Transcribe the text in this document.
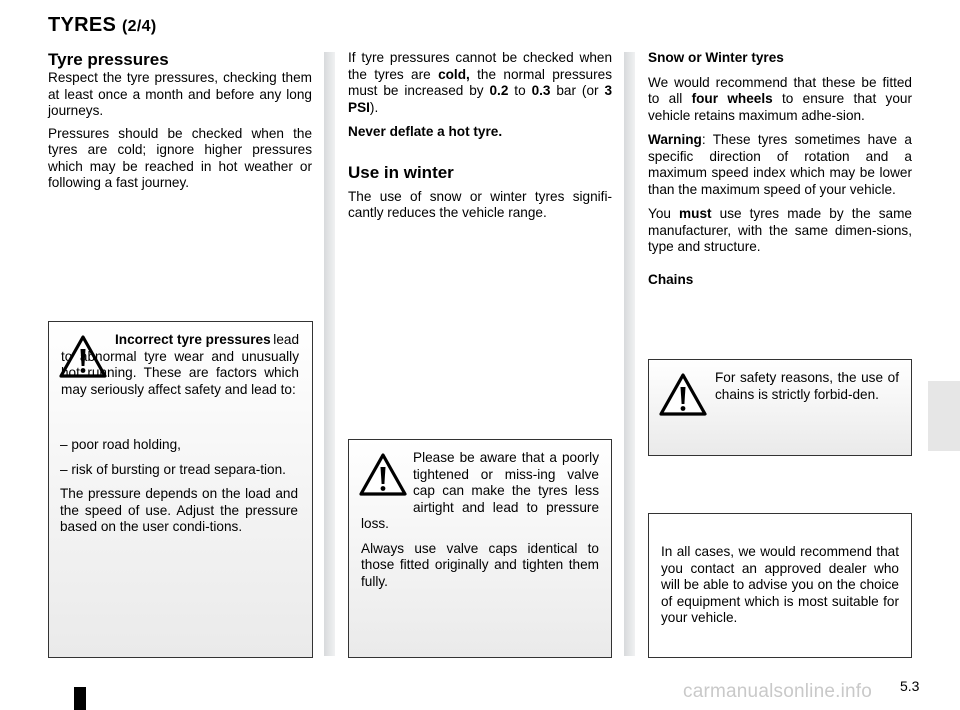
TYRES (2/4)
Tyre pressures

Respect the tyre pressures, checking them at least once a month and before any long journeys.

Pressures should be checked when the tyres are cold; ignore higher pressures which may be reached in hot weather or following a fast journey.

Incorrect tyre pressures

lead to abnormal tyre wear and unusually hot running. These are factors which may seriously affect safety and lead to:

– poor road holding,

– risk of bursting or tread separa-tion.

The pressure depends on the load and the speed of use. Adjust the pressure based on the user condi-tions.

If tyre pressures cannot be checked when the tyres are cold, the normal pressures must be increased by 0.2 to 0.3 bar (or 3 PSI).

Never deflate a hot tyre.

Use in winter

The use of snow or winter tyres signifi-cantly reduces the vehicle range.

Please be aware that a poorly tightened or miss-ing valve cap can make the tyres less airtight and lead to pressure loss.

Always use valve caps identical to those fitted originally and tighten them fully.

Snow or Winter tyres

We would recommend that these be fitted to all four wheels to ensure that your vehicle retains maximum adhe-sion.

Warning: These tyres sometimes have a specific direction of rotation and a maximum speed index which may be lower than the maximum speed of your vehicle.

You must use tyres made by the same manufacturer, with the same dimen-sions, type and structure.

Chains

For safety reasons, the use of chains is strictly forbid-den.

In all cases, we would recommend that you contact an approved dealer who will be able to advise you on the choice of equipment which is most suitable for your vehicle.

5.3
carmanualsonline.info
